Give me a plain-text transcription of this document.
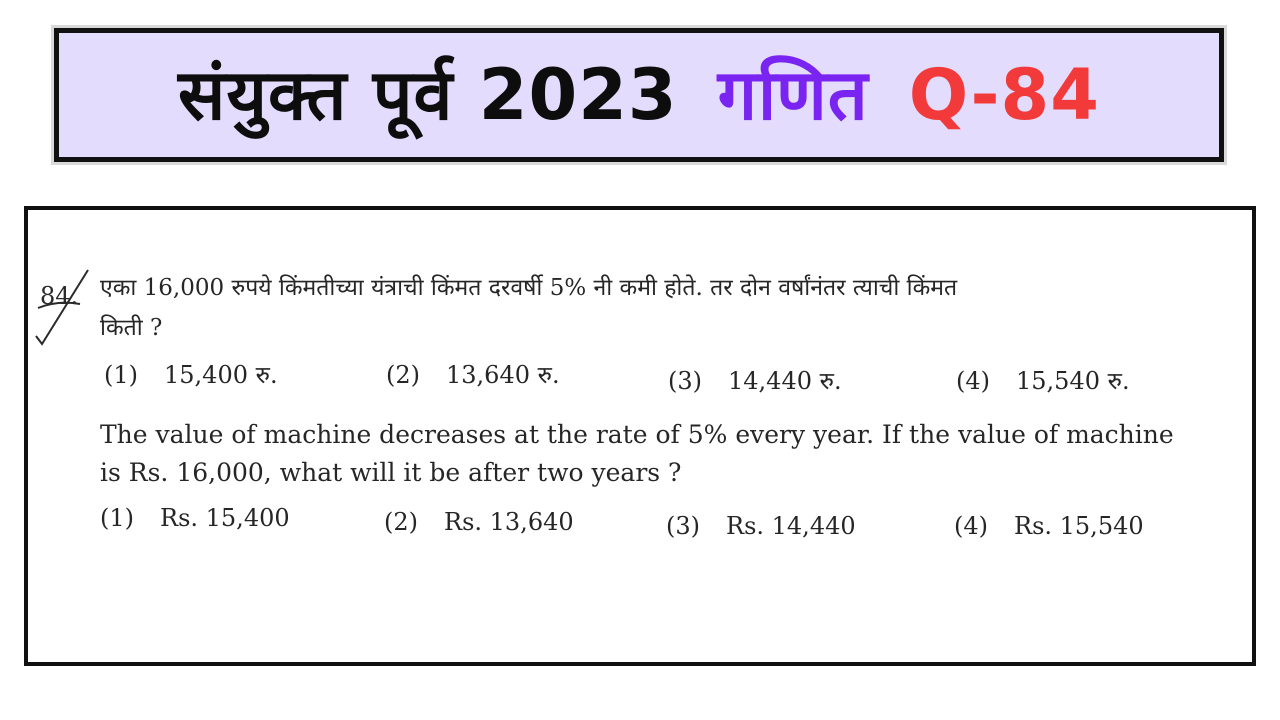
संयुक्त पूर्व 2023 गणित Q-84
84. एका 16,000 रुपये किंमतीच्या यंत्राची किंमत दरवर्षी 5% नी कमी होते. तर दोन वर्षांनंतर त्याची किंमत
किती ?
(1) 15,400 रु.	(2) 13,640 रु.	(3) 14,440 रु.	(4) 15,540 रु.
The value of machine decreases at the rate of 5% every year. If the value of machine
is Rs. 16,000, what will it be after two years ?
(1) Rs. 15,400	(2) Rs. 13,640	(3) Rs. 14,440	(4) Rs. 15,540
